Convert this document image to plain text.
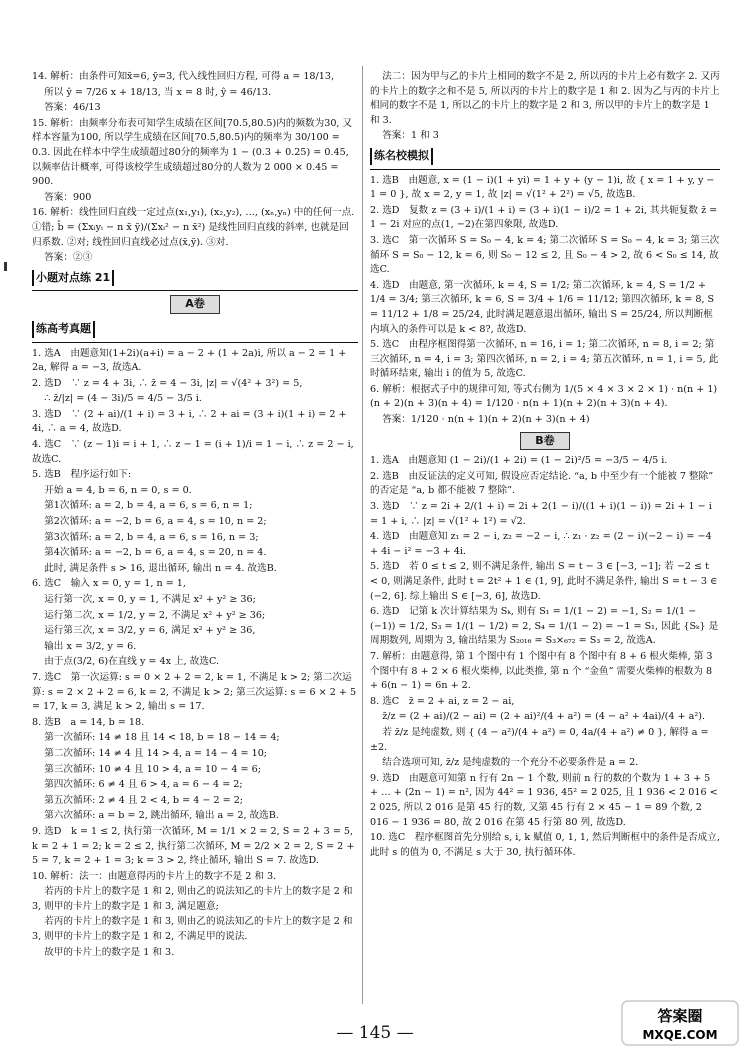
14. 解析：由条件可知x̄=6, ȳ=3, 代入线性回归方程, 可得 a = 18/13,

所以 ŷ = 7/26 x + 18/13, 当 x = 8 时, ŷ = 46/13.

答案：46/13

15. 解析：由频率分布表可知学生成绩在区间[70.5,80.5)内的频数为30, 又样本容量为100, 所以学生成绩在区间[70.5,80.5)内的频率为 30/100 = 0.3. 因此在样本中学生成绩超过80分的频率为 1 − (0.3 + 0.25) = 0.45, 以频率估计概率, 可得该校学生成绩超过80分的人数为 2 000 × 0.45 = 900.

答案：900

16. 解析：线性回归直线一定过点(x₁,y₁), (x₂,y₂), …, (xₙ,yₙ) 中的任何一点. ①错; b̂ = (Σxᵢyᵢ − n x̄ ȳ)/(Σxᵢ² − n x̄²) 是线性回归直线的斜率, 也就是回归系数. ②对; 线性回归直线必过点(x̄,ȳ). ③对.

答案：②③

小题对点练 21
A卷
练高考真题

1. 选A　由题意知(1+2i)(a+i) = a − 2 + (1 + 2a)i, 所以 a − 2 = 1 + 2a, 解得 a = −3, 故选A.

2. 选D　∵ z = 4 + 3i, ∴ z̄ = 4 − 3i, |z| = √(4² + 3²) = 5,

∴ z̄/|z| = (4 − 3i)/5 = 4/5 − 3/5 i.

3. 选D　∵ (2 + ai)/(1 + i) = 3 + i, ∴ 2 + ai = (3 + i)(1 + i) = 2 + 4i, ∴ a = 4, 故选D.

4. 选C　∵ (z − 1)i = i + 1, ∴ z − 1 = (i + 1)/i = 1 − i, ∴ z = 2 − i, 故选C.

5. 选B　程序运行如下:

开始 a = 4, b = 6, n = 0, s = 0.

第1次循环: a = 2, b = 4, a = 6, s = 6, n = 1;

第2次循环: a = −2, b = 6, a = 4, s = 10, n = 2;

第3次循环: a = 2, b = 4, a = 6, s = 16, n = 3;

第4次循环: a = −2, b = 6, a = 4, s = 20, n = 4.

此时, 满足条件 s > 16, 退出循环, 输出 n = 4. 故选B.

6. 选C　输入 x = 0, y = 1, n = 1,

运行第一次, x = 0, y = 1, 不满足 x² + y² ≥ 36;

运行第二次, x = 1/2, y = 2, 不满足 x² + y² ≥ 36;

运行第三次, x = 3/2, y = 6, 满足 x² + y² ≥ 36,

输出 x = 3/2, y = 6.

由于点(3/2, 6)在直线 y = 4x 上, 故选C.

7. 选C　第一次运算: s = 0 × 2 + 2 = 2, k = 1, 不满足 k > 2; 第二次运算: s = 2 × 2 + 2 = 6, k = 2, 不满足 k > 2; 第三次运算: s = 6 × 2 + 5 = 17, k = 3, 满足 k > 2, 输出 s = 17.

8. 选B　a = 14, b = 18.

第一次循环: 14 ≠ 18 且 14 < 18, b = 18 − 14 = 4;

第二次循环: 14 ≠ 4 且 14 > 4, a = 14 − 4 = 10;

第三次循环: 10 ≠ 4 且 10 > 4, a = 10 − 4 = 6;

第四次循环: 6 ≠ 4 且 6 > 4, a = 6 − 4 = 2;

第五次循环: 2 ≠ 4 且 2 < 4, b = 4 − 2 = 2;

第六次循环: a = b = 2, 跳出循环, 输出 a = 2, 故选B.

9. 选D　k = 1 ≤ 2, 执行第一次循环, M = 1/1 × 2 = 2, S = 2 + 3 = 5, k = 2 + 1 = 2; k = 2 ≤ 2, 执行第二次循环, M = 2/2 × 2 = 2, S = 2 + 5 = 7, k = 2 + 1 = 3; k = 3 > 2, 终止循环, 输出 S = 7. 故选D.

10. 解析：法一：由题意得丙的卡片上的数字不是 2 和 3.

若丙的卡片上的数字是 1 和 2, 则由乙的说法知乙的卡片上的数字是 2 和 3, 则甲的卡片上的数字是 1 和 3, 满足题意;

若丙的卡片上的数字是 1 和 3, 则由乙的说法知乙的卡片上的数字是 2 和 3, 则甲的卡片上的数字是 1 和 2, 不满足甲的说法.

故甲的卡片上的数字是 1 和 3.

法二：因为甲与乙的卡片上相同的数字不是 2, 所以丙的卡片上必有数字 2. 又丙的卡片上的数字之和不是 5, 所以丙的卡片上的数字是 1 和 2. 因为乙与丙的卡片上相同的数字不是 1, 所以乙的卡片上的数字是 2 和 3, 所以甲的卡片上的数字是 1 和 3.

答案：1 和 3

练名校模拟

1. 选B　由题意, x = (1 − i)(1 + yi) = 1 + y + (y − 1)i, 故 { x = 1 + y, y − 1 = 0 }, 故 x = 2, y = 1, 故 |z| = √(1² + 2²) = √5, 故选B.

2. 选D　复数 z = (3 + i)/(1 + i) = (3 + i)(1 − i)/2 = 1 + 2i, 其共轭复数 z̄ = 1 − 2i 对应的点(1, −2)在第四象限, 故选D.

3. 选C　第一次循环 S = S₀ − 4, k = 4; 第二次循环 S = S₀ − 4, k = 3; 第三次循环 S = S₀ − 12, k = 6, 则 S₀ − 12 ≤ 2, 且 S₀ − 4 > 2, 故 6 < S₀ ≤ 14, 故选C.

4. 选D　由题意, 第一次循环, k = 4, S = 1/2; 第二次循环, k = 4, S = 1/2 + 1/4 = 3/4; 第三次循环, k = 6, S = 3/4 + 1/6 = 11/12; 第四次循环, k = 8, S = 11/12 + 1/8 = 25/24, 此时满足题意退出循环, 输出 S = 25/24, 所以判断框内填入的条件可以是 k < 8?, 故选D.

5. 选C　由程序框图得第一次循环, n = 16, i = 1; 第二次循环, n = 8, i = 2; 第三次循环, n = 4, i = 3; 第四次循环, n = 2, i = 4; 第五次循环, n = 1, i = 5, 此时循环结束, 输出 i 的值为 5, 故选C.

6. 解析：根据式子中的规律可知, 等式右侧为 1/(5 × 4 × 3 × 2 × 1) · n(n + 1)(n + 2)(n + 3)(n + 4) = 1/120 · n(n + 1)(n + 2)(n + 3)(n + 4).

答案：1/120 · n(n + 1)(n + 2)(n + 3)(n + 4)

B卷

1. 选A　由题意知 (1 − 2i)/(1 + 2i) = (1 − 2i)²/5 = −3/5 − 4/5 i.

2. 选B　由反证法的定义可知, 假设应否定结论. “a, b 中至少有一个能被 7 整除” 的否定是 “a, b 都不能被 7 整除”.

3. 选D　∵ z = 2i + 2/(1 + i) = 2i + 2(1 − i)/((1 + i)(1 − i)) = 2i + 1 − i = 1 + i, ∴ |z| = √(1² + 1²) = √2.

4. 选D　由题意知 z₁ = 2 − i, z₂ = −2 − i, ∴ z₁ · z₂ = (2 − i)(−2 − i) = −4 + 4i − i² = −3 + 4i.

5. 选D　若 0 ≤ t ≤ 2, 则不满足条件, 输出 S = t − 3 ∈ [−3, −1]; 若 −2 ≤ t < 0, 则满足条件, 此时 t = 2t² + 1 ∈ (1, 9], 此时不满足条件, 输出 S = t − 3 ∈ (−2, 6]. 综上输出 S ∈ [−3, 6], 故选D.

6. 选D　记第 k 次计算结果为 Sₖ, 则有 S₁ = 1/(1 − 2) = −1, S₂ = 1/(1 − (−1)) = 1/2, S₃ = 1/(1 − 1/2) = 2, S₄ = 1/(1 − 2) = −1 = S₁, 因此 {Sₖ} 是周期数列, 周期为 3, 输出结果为 S₂₀₁₆ = S₃×₆₇₂ = S₃ = 2, 故选A.

7. 解析：由题意得, 第 1 个图中有 1 个图中有 8 个图中有 8 + 6 根火柴棒, 第 3 个图中有 8 + 2 × 6 根火柴棒, 以此类推, 第 n 个 “金鱼” 需要火柴棒的根数为 8 + 6(n − 1) = 6n + 2.

8. 选C　z̄ = 2 + ai, z = 2 − ai,

z̄/z = (2 + ai)/(2 − ai) = (2 + ai)²/(4 + a²) = (4 − a² + 4ai)/(4 + a²).

若 z̄/z 是纯虚数, 则 { (4 − a²)/(4 + a²) = 0, 4a/(4 + a²) ≠ 0 }, 解得 a = ±2.

结合选项可知, z̄/z 是纯虚数的一个充分不必要条件是 a = 2.

9. 选D　由题意可知第 n 行有 2n − 1 个数, 则前 n 行的数的个数为 1 + 3 + 5 + … + (2n − 1) = n², 因为 44² = 1 936, 45² = 2 025, 且 1 936 < 2 016 < 2 025, 所以 2 016 是第 45 行的数, 又第 45 行有 2 × 45 − 1 = 89 个数, 2 016 − 1 936 = 80, 故 2 016 在第 45 行第 80 列, 故选D.

10. 选C　程序框图首先分别给 s, i, k 赋值 0, 1, 1, 然后判断框中的条件是否成立, 此时 s 的值为 0, 不满足 s 大于 30, 执行循环体.

— 145 —
答案圈
MXQE.COM
